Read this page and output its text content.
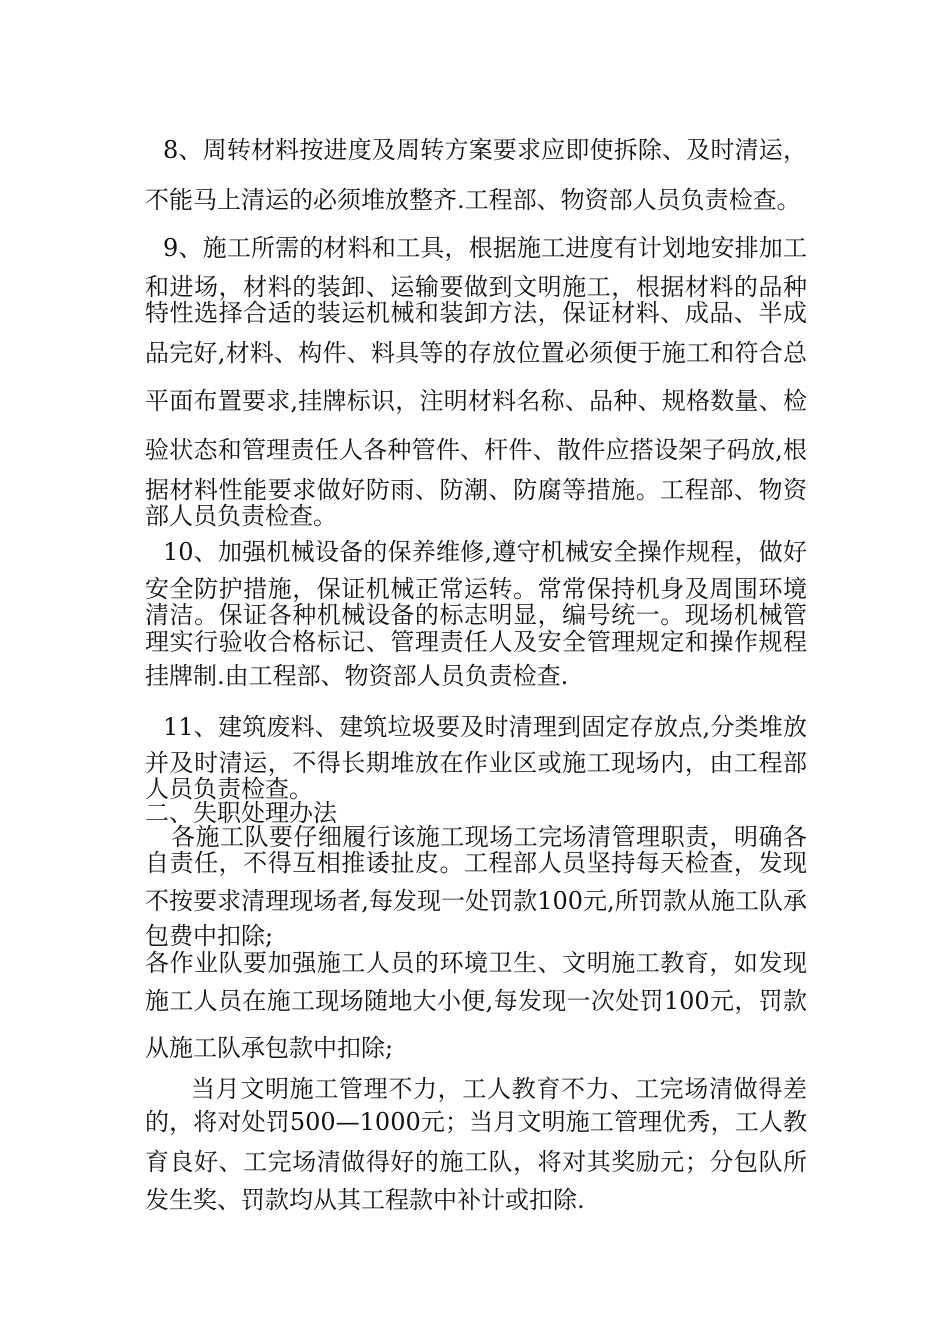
8、周转材料按进度及周转方案要求应即使拆除、及时清运，
不能马上清运的必须堆放整齐.工程部、物资部人员负责检查。
9、施工所需的材料和工具，根据施工进度有计划地安排加工
和进场，材料的装卸、运输要做到文明施工，根据材料的品种
特性选择合适的装运机械和装卸方法，保证材料、成品、半成
品完好,材料、构件、料具等的存放位置必须便于施工和符合总
平面布置要求,挂牌标识，注明材料名称、品种、规格数量、检
验状态和管理责任人各种管件、杆件、散件应搭设架子码放,根
据材料性能要求做好防雨、防潮、防腐等措施。工程部、物资
部人员负责检查。
10、加强机械设备的保养维修,遵守机械安全操作规程，做好
安全防护措施，保证机械正常运转。常常保持机身及周围环境
清洁。保证各种机械设备的标志明显，编号统一。现场机械管
理实行验收合格标记、管理责任人及安全管理规定和操作规程
挂牌制.由工程部、物资部人员负责检查.
11、建筑废料、建筑垃圾要及时清理到固定存放点,分类堆放
并及时清运，不得长期堆放在作业区或施工现场内，由工程部
人员负责检查。
二、失职处理办法
各施工队要仔细履行该施工现场工完场清管理职责，明确各
自责任，不得互相推诿扯皮。工程部人员坚持每天检查，发现
不按要求清理现场者,每发现一处罚款100元,所罚款从施工队承
包费中扣除;
各作业队要加强施工人员的环境卫生、文明施工教育，如发现
施工人员在施工现场随地大小便,每发现一次处罚100元，罚款
从施工队承包款中扣除;
当月文明施工管理不力，工人教育不力、工完场清做得差
的，将对处罚500—1000元；当月文明施工管理优秀，工人教
育良好、工完场清做得好的施工队，将对其奖励元；分包队所
发生奖、罚款均从其工程款中补计或扣除.
